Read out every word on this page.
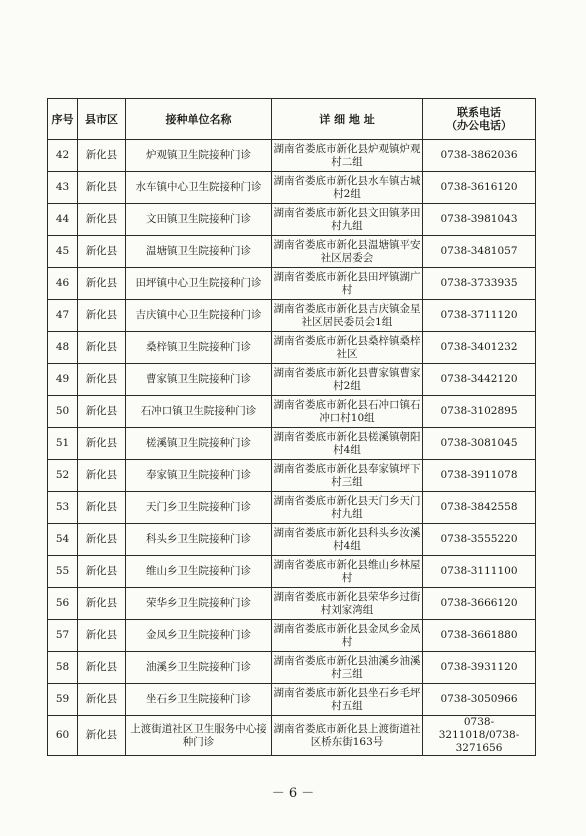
序号	县市区	接种单位名称	详 细 地 址	联系电话
（办公电话）
42	新化县	炉观镇卫生院接种门诊	湖南省娄底市新化县炉观镇炉观村二组	0738-3862036
43	新化县	水车镇中心卫生院接种门诊	湖南省娄底市新化县水车镇古城村2组	0738-3616120
44	新化县	文田镇卫生院接种门诊	湖南省娄底市新化县文田镇茅田村九组	0738-3981043
45	新化县	温塘镇卫生院接种门诊	湖南省娄底市新化县温塘镇平安社区居委会	0738-3481057
46	新化县	田坪镇中心卫生院接种门诊	湖南省娄底市新化县田坪镇湖广村	0738-3733935
47	新化县	吉庆镇中心卫生院接种门诊	湖南省娄底市新化县吉庆镇金星社区居民委员会1组	0738-3711120
48	新化县	桑梓镇卫生院接种门诊	湖南省娄底市新化县桑梓镇桑梓社区	0738-3401232
49	新化县	曹家镇卫生院接种门诊	湖南省娄底市新化县曹家镇曹家村2组	0738-3442120
50	新化县	石冲口镇卫生院接种门诊	湖南省娄底市新化县石冲口镇石冲口村10组	0738-3102895
51	新化县	槎溪镇卫生院接种门诊	湖南省娄底市新化县槎溪镇朝阳村4组	0738-3081045
52	新化县	奉家镇卫生院接种门诊	湖南省娄底市新化县奉家镇坪下村三组	0738-3911078
53	新化县	天门乡卫生院接种门诊	湖南省娄底市新化县天门乡天门村九组	0738-3842558
54	新化县	科头乡卫生院接种门诊	湖南省娄底市新化县科头乡汝溪村4组	0738-3555220
55	新化县	维山乡卫生院接种门诊	湖南省娄底市新化县维山乡林屋村	0738-3111100
56	新化县	荣华乡卫生院接种门诊	湖南省娄底市新化县荣华乡过街村刘家湾组	0738-3666120
57	新化县	金凤乡卫生院接种门诊	湖南省娄底市新化县金凤乡金凤村	0738-3661880
58	新化县	油溪乡卫生院接种门诊	湖南省娄底市新化县油溪乡油溪村三组	0738-3931120
59	新化县	坐石乡卫生院接种门诊	湖南省娄底市新化县坐石乡毛坪村五组	0738-3050966
60	新化县	上渡街道社区卫生服务中心接种门诊	湖南省娄底市新化县上渡街道社区桥东街163号	0738-3211018/0738-3271656
－ 6 －
